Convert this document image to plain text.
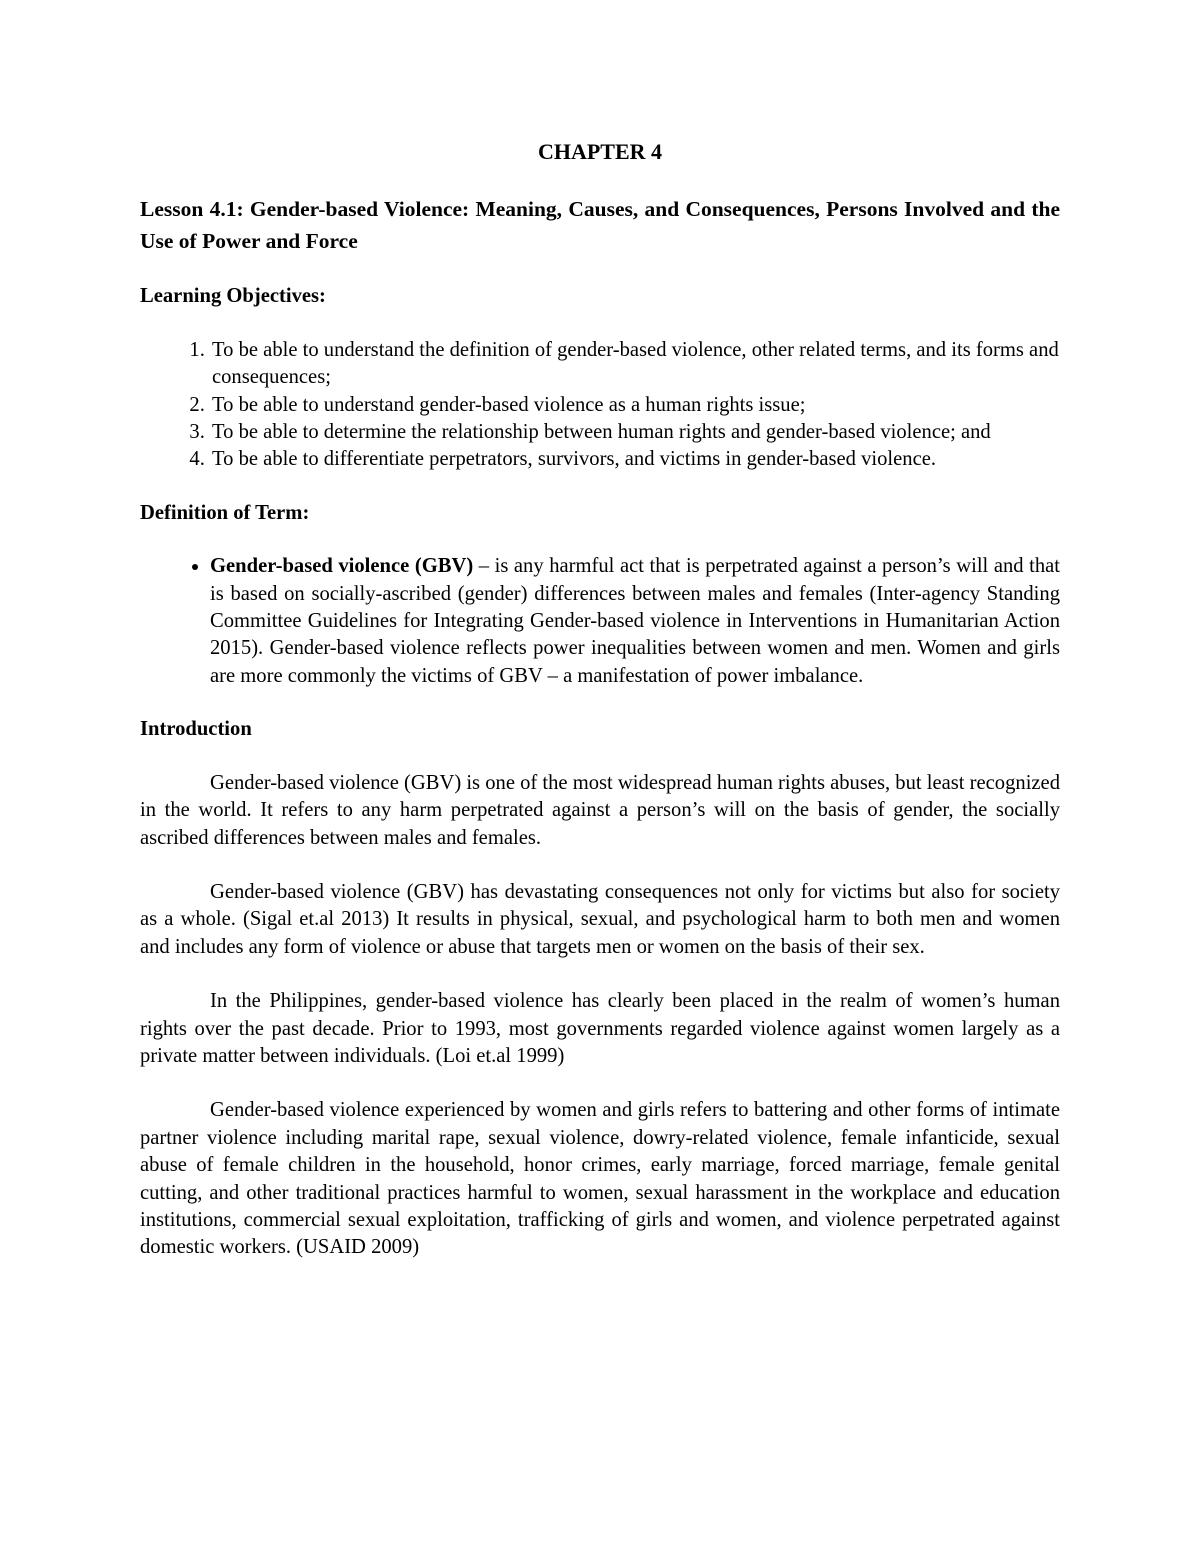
CHAPTER 4
Lesson 4.1: Gender-based Violence: Meaning, Causes, and Consequences, Persons Involved and the Use of Power and Force
Learning Objectives:
1. To be able to understand the definition of gender-based violence, other related terms, and its forms and consequences;
2. To be able to understand gender-based violence as a human rights issue;
3. To be able to determine the relationship between human rights and gender-based violence; and
4. To be able to differentiate perpetrators, survivors, and victims in gender-based violence.
Definition of Term:
• Gender-based violence (GBV) – is any harmful act that is perpetrated against a person’s will and that is based on socially-ascribed (gender) differences between males and females (Inter-agency Standing Committee Guidelines for Integrating Gender-based violence in Interventions in Humanitarian Action 2015). Gender-based violence reflects power inequalities between women and men. Women and girls are more commonly the victims of GBV – a manifestation of power imbalance.
Introduction

Gender-based violence (GBV) is one of the most widespread human rights abuses, but least recognized in the world. It refers to any harm perpetrated against a person’s will on the basis of gender, the socially ascribed differences between males and females.

Gender-based violence (GBV) has devastating consequences not only for victims but also for society as a whole. (Sigal et.al 2013) It results in physical, sexual, and psychological harm to both men and women and includes any form of violence or abuse that targets men or women on the basis of their sex.

In the Philippines, gender-based violence has clearly been placed in the realm of women’s human rights over the past decade. Prior to 1993, most governments regarded violence against women largely as a private matter between individuals. (Loi et.al 1999)

Gender-based violence experienced by women and girls refers to battering and other forms of intimate partner violence including marital rape, sexual violence, dowry-related violence, female infanticide, sexual abuse of female children in the household, honor crimes, early marriage, forced marriage, female genital cutting, and other traditional practices harmful to women, sexual harassment in the workplace and education institutions, commercial sexual exploitation, trafficking of girls and women, and violence perpetrated against domestic workers. (USAID 2009)
